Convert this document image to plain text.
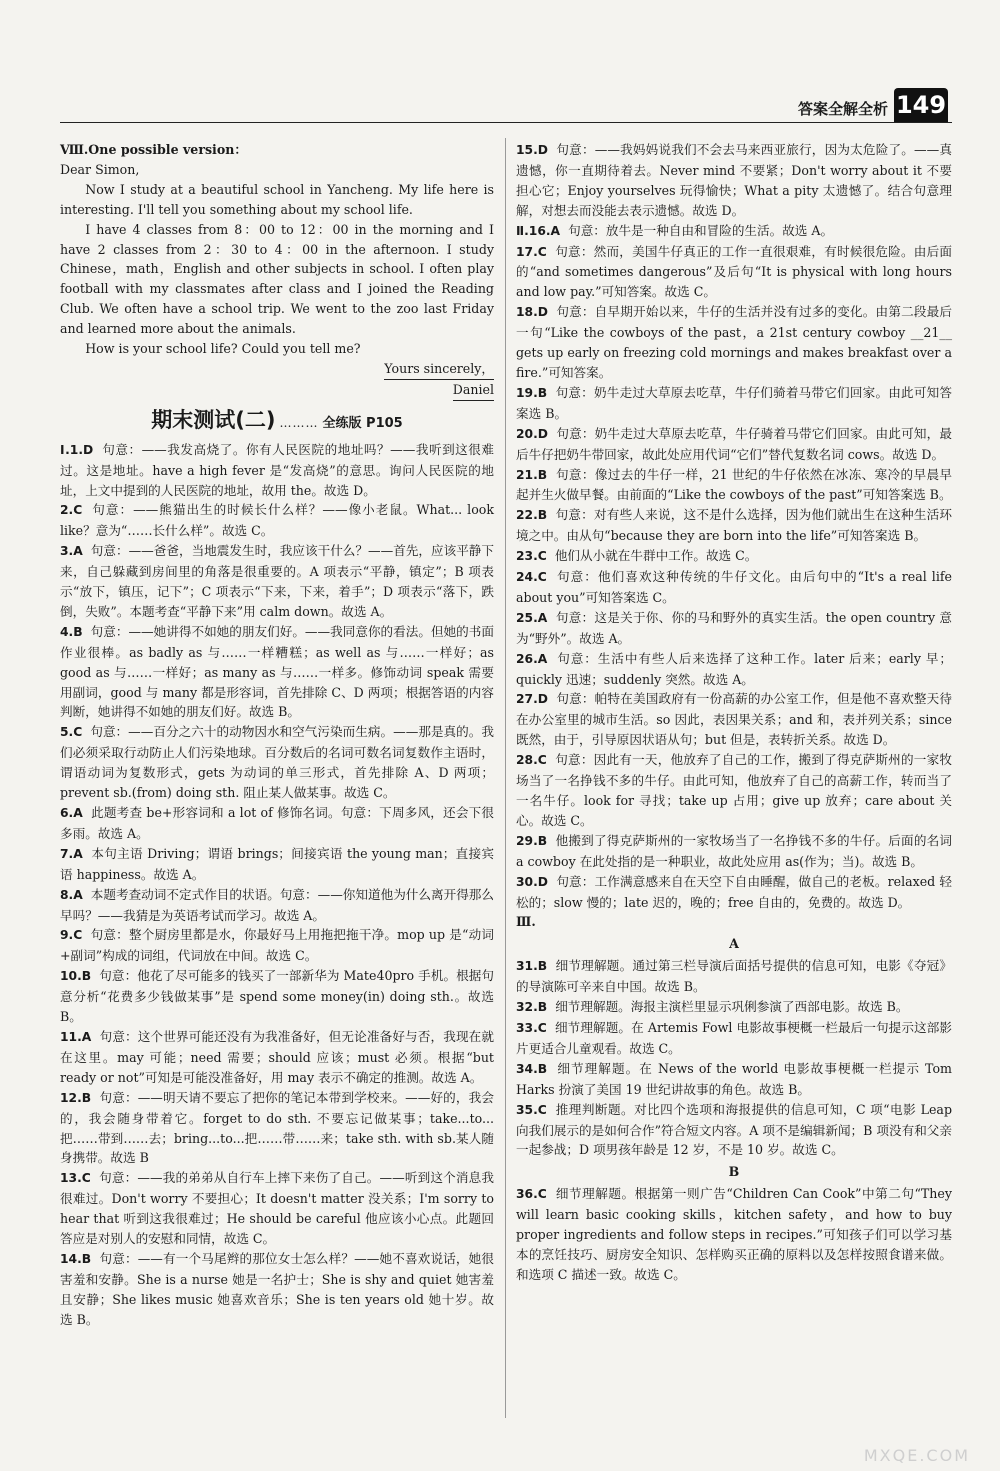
149
答案全解全析

Ⅷ.One possible version：

Dear Simon,

Now I study at a beautiful school in Yancheng. My life here is interesting. I'll tell you something about my school life.

I have 4 classes from 8：00 to 12：00 in the morning and I have 2 classes from 2：30 to 4：00 in the afternoon. I study Chinese，math，English and other subjects in school. I often play football with my classmates after class and I joined the Reading Club. We often have a school trip. We went to the zoo last Friday and learned more about the animals.

How is your school life? Could you tell me?

Yours sincerely，

Daniel

期末测试(二) ……… 全练版 P105

Ⅰ.1.D 句意：——我发高烧了。你有人民医院的地址吗？——我听到这很难过。这是地址。have a high fever 是“发高烧”的意思。询问人民医院的地址，上文中提到的人民医院的地址，故用 the。故选 D。

2.C 句意：——熊猫出生的时候长什么样？——像小老鼠。What... look like？意为“……长什么样”。故选 C。

3.A 句意：——爸爸，当地震发生时，我应该干什么？——首先，应该平静下来，自己躲藏到房间里的角落是很重要的。A 项表示“平静，镇定”；B 项表示“放下，镇压，记下”；C 项表示“下来，下来，着手”；D 项表示“落下，跌倒，失败”。本题考查“平静下来”用 calm down。故选 A。

4.B 句意：——她讲得不如她的朋友们好。——我同意你的看法。但她的书面作业很棒。as badly as 与……一样糟糕；as well as 与……一样好；as good as 与……一样好；as many as 与……一样多。修饰动词 speak 需要用副词，good 与 many 都是形容词，首先排除 C、D 两项；根据答语的内容判断，她讲得不如她的朋友们好。故选 B。

5.C 句意：——百分之六十的动物因水和空气污染而生病。——那是真的。我们必须采取行动防止人们污染地球。百分数后的名词可数名词复数作主语时，谓语动词为复数形式，gets 为动词的单三形式，首先排除 A、D 两项；prevent sb.(from) doing sth. 阻止某人做某事。故选 C。

6.A 此题考查 be+形容词和 a lot of 修饰名词。句意：下周多风，还会下很多雨。故选 A。

7.A 本句主语 Driving；谓语 brings；间接宾语 the young man；直接宾语 happiness。故选 A。

8.A 本题考查动词不定式作目的状语。句意：——你知道他为什么离开得那么早吗？——我猜是为英语考试而学习。故选 A。

9.C 句意：整个厨房里都是水，你最好马上用拖把拖干净。mop up 是“动词+副词”构成的词组，代词放在中间。故选 C。

10.B 句意：他花了尽可能多的钱买了一部新华为 Mate40pro 手机。根据句意分析“花费多少钱做某事”是 spend some money(in) doing sth.。故选 B。

11.A 句意：这个世界可能还没有为我准备好，但无论准备好与否，我现在就在这里。may 可能；need 需要；should 应该；must 必须。根据“but ready or not”可知是可能没准备好，用 may 表示不确定的推测。故选 A。

12.B 句意：——明天请不要忘了把你的笔记本带到学校来。——好的，我会的，我会随身带着它。forget to do sth. 不要忘记做某事；take...to...把……带到……去；bring...to...把……带……来；take sth. with sb.某人随身携带。故选 B

13.C 句意：——我的弟弟从自行车上摔下来伤了自己。——听到这个消息我很难过。Don't worry 不要担心；It doesn't matter 没关系；I'm sorry to hear that 听到这我很难过；He should be careful 他应该小心点。此题回答应是对别人的安慰和同情，故选 C。

14.B 句意：——有一个马尾辫的那位女士怎么样？——她不喜欢说话，她很害羞和安静。She is a nurse 她是一名护士；She is shy and quiet 她害羞且安静；She likes music 她喜欢音乐；She is ten years old 她十岁。故选 B。

15.D 句意：——我妈妈说我们不会去马来西亚旅行，因为太危险了。——真遗憾，你一直期待着去。Never mind 不要紧；Don't worry about it 不要担心它；Enjoy yourselves 玩得愉快；What a pity 太遗憾了。结合句意理解，对想去而没能去表示遗憾。故选 D。

Ⅱ.16.A 句意：放牛是一种自由和冒险的生活。故选 A。

17.C 句意：然而，美国牛仔真正的工作一直很艰难，有时候很危险。由后面的“and sometimes dangerous”及后句“It is physical with long hours and low pay.”可知答案。故选 C。

18.D 句意：自早期开始以来，牛仔的生活并没有过多的变化。由第二段最后一句“Like the cowboys of the past，a 21st century cowboy __21__ gets up early on freezing cold mornings and makes breakfast over a fire.”可知答案。

19.B 句意：奶牛走过大草原去吃草，牛仔们骑着马带它们回家。由此可知答案选 B。

20.D 句意：奶牛走过大草原去吃草，牛仔骑着马带它们回家。由此可知，最后牛仔把奶牛带回家，故此处应用代词“它们”替代复数名词 cows。故选 D。

21.B 句意：像过去的牛仔一样，21 世纪的牛仔依然在冰冻、寒冷的早晨早起并生火做早餐。由前面的“Like the cowboys of the past”可知答案选 B。

22.B 句意：对有些人来说，这不是什么选择，因为他们就出生在这种生活环境之中。由从句“because they are born into the life”可知答案选 B。

23.C 他们从小就在牛群中工作。故选 C。

24.C 句意：他们喜欢这种传统的牛仔文化。由后句中的“It's a real life about you”可知答案选 C。

25.A 句意：这是关于你、你的马和野外的真实生活。the open country 意为“野外”。故选 A。

26.A 句意：生活中有些人后来选择了这种工作。later 后来；early 早；quickly 迅速；suddenly 突然。故选 A。

27.D 句意：帕特在美国政府有一份高薪的办公室工作，但是他不喜欢整天待在办公室里的城市生活。so 因此，表因果关系；and 和，表并列关系；since 既然，由于，引导原因状语从句；but 但是，表转折关系。故选 D。

28.C 句意：因此有一天，他放弃了自己的工作，搬到了得克萨斯州的一家牧场当了一名挣钱不多的牛仔。由此可知，他放弃了自己的高薪工作，转而当了一名牛仔。look for 寻找；take up 占用；give up 放弃；care about 关心。故选 C。

29.B 他搬到了得克萨斯州的一家牧场当了一名挣钱不多的牛仔。后面的名词 a cowboy 在此处指的是一种职业，故此处应用 as(作为；当)。故选 B。

30.D 句意：工作满意感来自在天空下自由睡醒，做自己的老板。relaxed 轻松的；slow 慢的；late 迟的，晚的；free 自由的，免费的。故选 D。

Ⅲ.

A

31.B 细节理解题。通过第三栏导演后面括号提供的信息可知，电影《夺冠》的导演陈可辛来自中国。故选 B。

32.B 细节理解题。海报主演栏里显示巩俐参演了西部电影。故选 B。

33.C 细节理解题。在 Artemis Fowl 电影故事梗概一栏最后一句提示这部影片更适合儿童观看。故选 C。

34.B 细节理解题。在 News of the world 电影故事梗概一栏提示 Tom Harks 扮演了美国 19 世纪讲故事的角色。故选 B。

35.C 推理判断题。对比四个选项和海报提供的信息可知，C 项“电影 Leap 向我们展示的是如何合作”符合短文内容。A 项不是编辑新闻；B 项没有和父亲一起参战；D 项男孩年龄是 12 岁，不是 10 岁。故选 C。

B

36.C 细节理解题。根据第一则广告“Children Can Cook”中第二句“They will learn basic cooking skills，kitchen safety，and how to buy proper ingredients and follow steps in recipes.”可知孩子们可以学习基本的烹饪技巧、厨房安全知识、怎样购买正确的原料以及怎样按照食谱来做。和选项 C 描述一致。故选 C。

MXQE.COM
